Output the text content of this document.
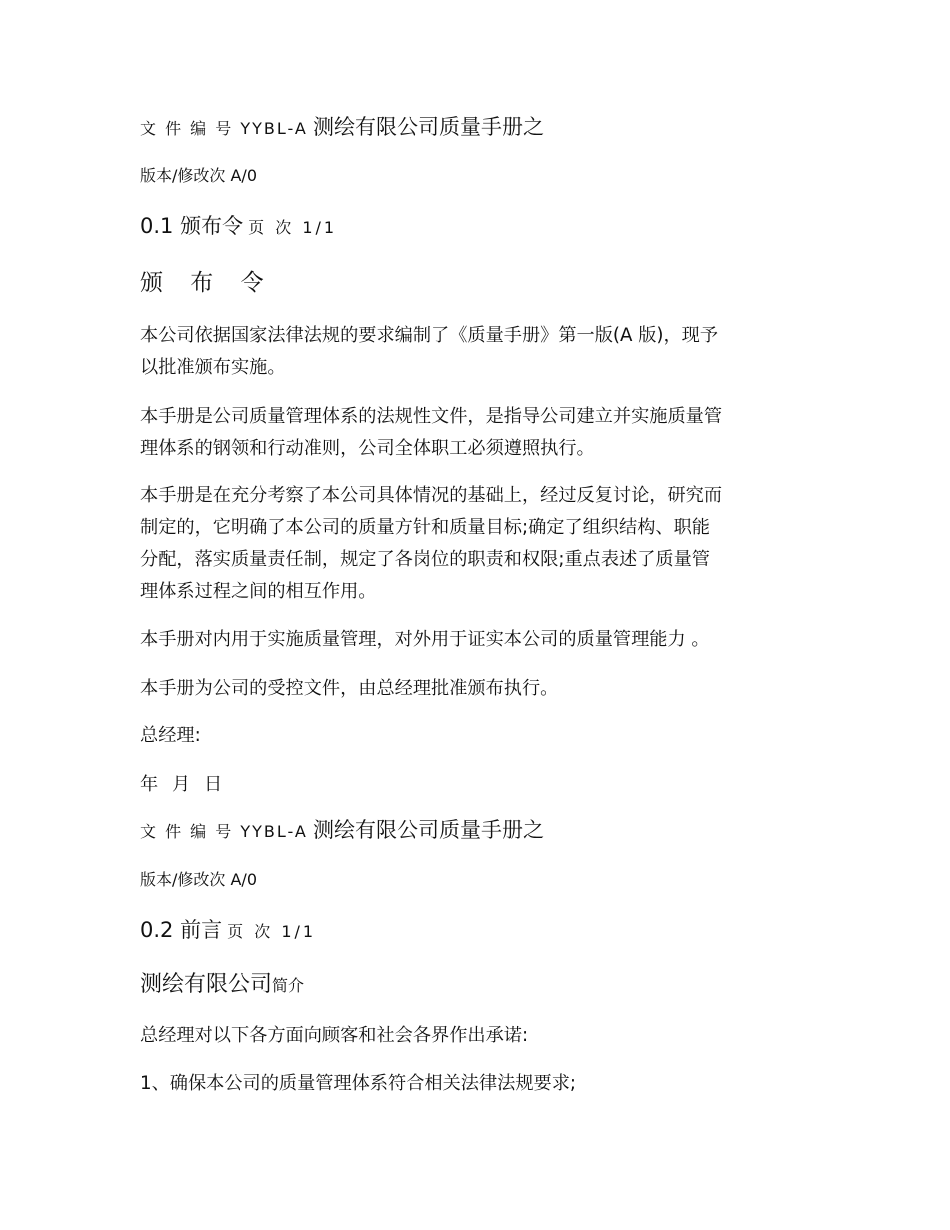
文 件 编 号 YYBL-A 测绘有限公司质量手册之
版本/修改次 A/0
0.1 颁布令 页 次 1/1
颁 布 令
本公司依据国家法律法规的要求编制了《质量手册》第一版(A 版)，现予
以批准颁布实施。
本手册是公司质量管理体系的法规性文件，是指导公司建立并实施质量管
理体系的钢领和行动准则，公司全体职工必须遵照执行。
本手册是在充分考察了本公司具体情况的基础上，经过反复讨论，研究而
制定的，它明确了本公司的质量方针和质量目标;确定了组织结构、职能
分配，落实质量责任制，规定了各岗位的职责和权限;重点表述了质量管
理体系过程之间的相互作用。
本手册对内用于实施质量管理，对外用于证实本公司的质量管理能力 。
本手册为公司的受控文件，由总经理批准颁布执行。
总经理:
年 月 日
文 件 编 号 YYBL-A 测绘有限公司质量手册之
版本/修改次 A/0
0.2 前言 页 次 1/1
测绘有限公司简介
总经理对以下各方面向顾客和社会各界作出承诺:
1、确保本公司的质量管理体系符合相关法律法规要求;
